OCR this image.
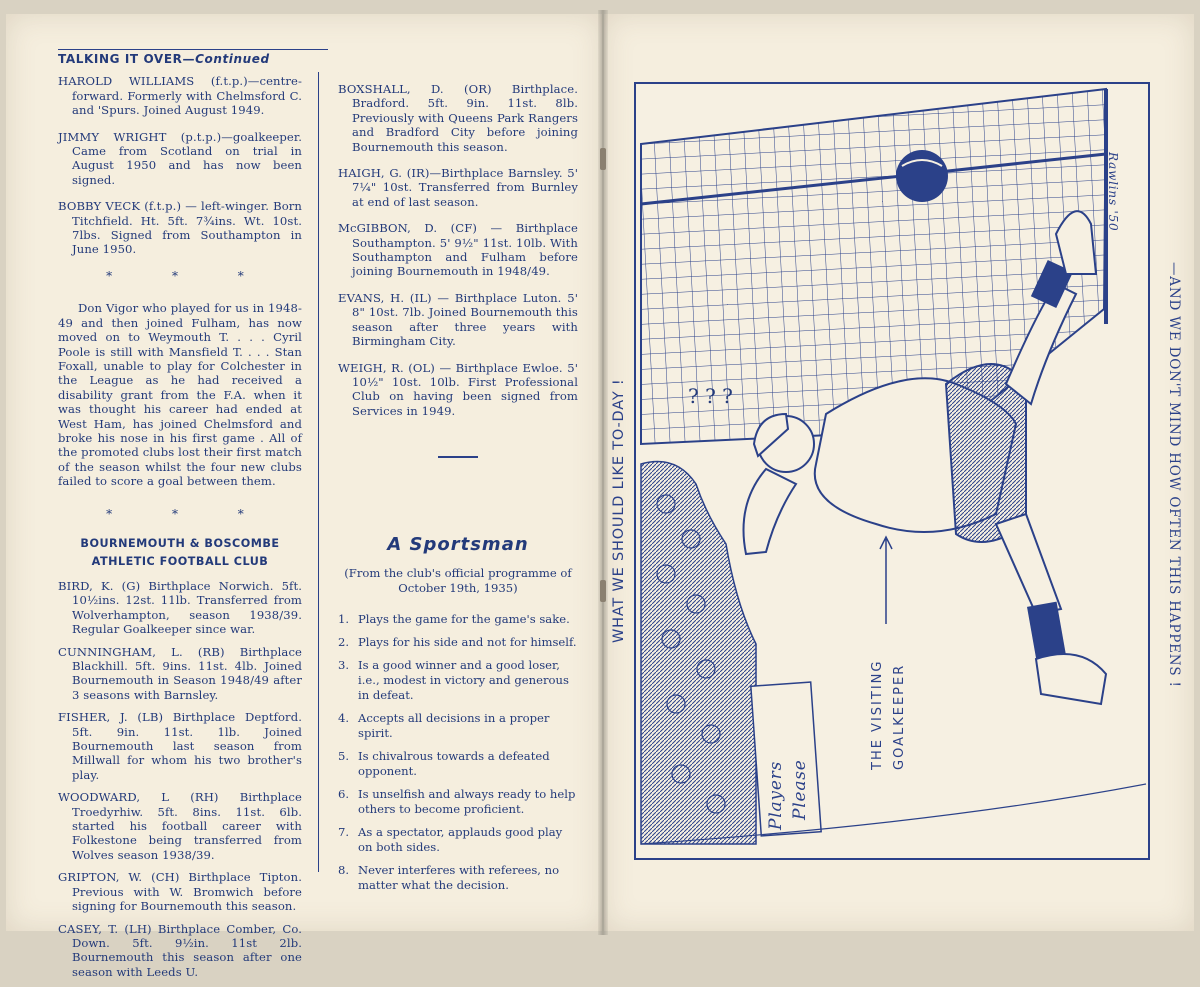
TALKING IT OVER—Continued

HAROLD WILLIAMS (f.t.p.)—centre-forward. Formerly with Chelmsford C. and 'Spurs. Joined August 1949.

JIMMY WRIGHT (p.t.p.)—goalkeeper. Came from Scotland on trial in August 1950 and has now been signed.

BOBBY VECK (f.t.p.) — left-winger. Born Titchfield. Ht. 5ft. 7¾ins. Wt. 10st. 7lbs. Signed from Southampton in June 1950.

* * *

Don Vigor who played for us in 1948-49 and then joined Fulham, has now moved on to Weymouth T. . . . Cyril Poole is still with Mansfield T. . . . Stan Foxall, unable to play for Colchester in the League as he had received a disability grant from the F.A. when it was thought his career had ended at West Ham, has joined Chelmsford and broke his nose in his first game . All of the promoted clubs lost their first match of the season whilst the four new clubs failed to score a goal between them.

* * *
BOURNEMOUTH & BOSCOMBE
ATHLETIC FOOTBALL CLUB

BIRD, K. (G) Birthplace Norwich. 5ft. 10½ins. 12st. 11lb. Transferred from Wolverhampton, season 1938/39. Regular Goalkeeper since war.

CUNNINGHAM, L. (RB) Birthplace Blackhill. 5ft. 9ins. 11st. 4lb. Joined Bournemouth in Season 1948/49 after 3 seasons with Barnsley.

FISHER, J. (LB) Birthplace Deptford. 5ft. 9in. 11st. 1lb. Joined Bournemouth last season from Millwall for whom his two brother's play.

WOODWARD, L (RH) Birthplace Troedyrhiw. 5ft. 8ins. 11st. 6lb. started his football career with Folkestone being transferred from Wolves season 1938/39.

GRIPTON, W. (CH) Birthplace Tipton. Previous with W. Bromwich before signing for Bournemouth this season.

CASEY, T. (LH) Birthplace Comber, Co. Down. 5ft. 9½in. 11st 2lb. Bournemouth this season after one season with Leeds U.

BOXSHALL, D. (OR) Birthplace. Bradford. 5ft. 9in. 11st. 8lb. Previously with Queens Park Rangers and Bradford City before joining Bournemouth this season.

HAIGH, G. (IR)—Birthplace Barnsley. 5' 7¼" 10st. Transferred from Burnley at end of last season.

McGIBBON, D. (CF) — Birthplace Southampton. 5' 9½" 11st. 10lb. With Southampton and Fulham before joining Bournemouth in 1948/49.

EVANS, H. (IL) — Birthplace Luton. 5' 8" 10st. 7lb. Joined Bournemouth this season after three years with Birmingham City.

WEIGH, R. (OL) — Birthplace Ewloe. 5' 10½" 10st. 10lb. First Professional Club on having been signed from Services in 1949.

A Sportsman
(From the club's official programme of October 19th, 1935)
1. Plays the game for the game's sake.
2. Plays for his side and not for himself.
3. Is a good winner and a good loser, i.e., modest in victory and generous in defeat.
4. Accepts all decisions in a proper spirit.
5. Is chivalrous towards a defeated opponent.
6. Is unselfish and always ready to help others to become proficient.
7. As a spectator, applauds good play on both sides.
8. Never interferes with referees, no matter what the decision.
WHAT WE SHOULD LIKE TO-DAY !	—AND WE DON'T MIND HOW OFTEN THIS HAPPENS !
Rawlins '50
THE VISITING GOALKEEPER
Players Please
? ? ?
